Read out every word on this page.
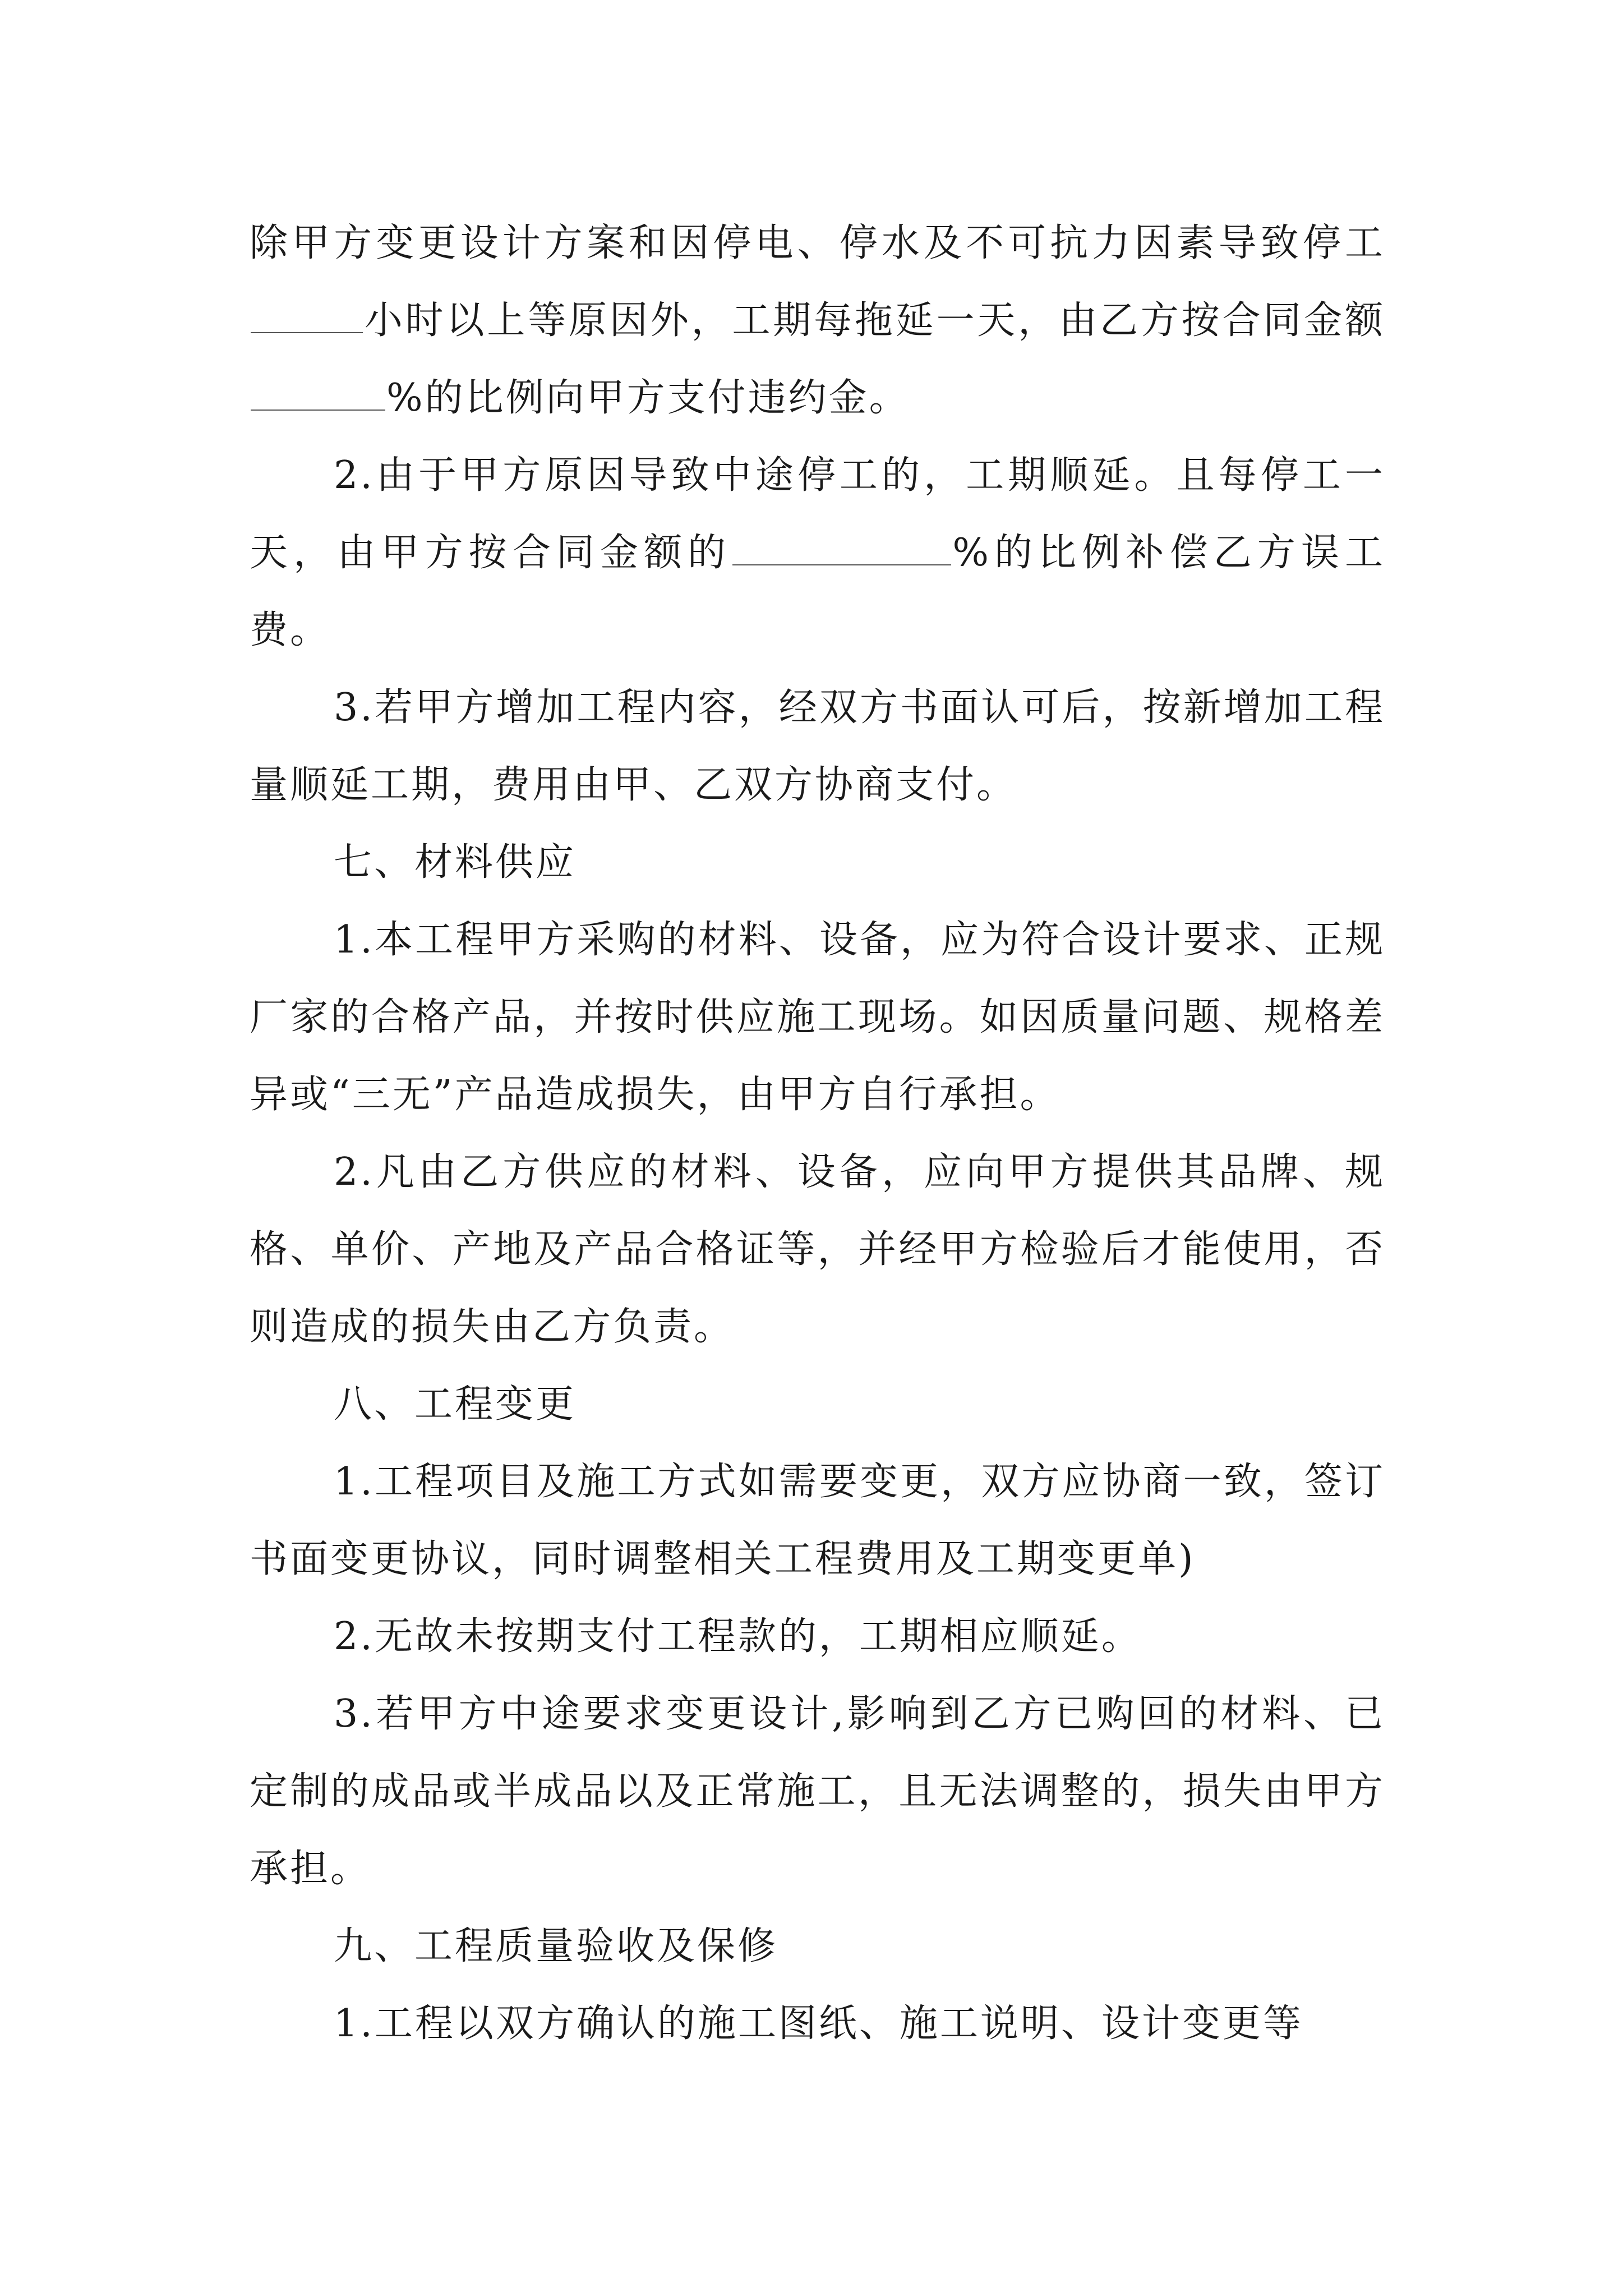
除甲方变更设计方案和因停电、停水及不可抗力因素导致停工小时以上等原因外，工期每拖延一天，由乙方按合同金额%的比例向甲方支付违约金。

2.由于甲方原因导致中途停工的，工期顺延。且每停工一天，由甲方按合同金额的	%的比例补偿乙方误工费。

3.若甲方增加工程内容，经双方书面认可后，按新增加工程量顺延工期，费用由甲、乙双方协商支付。

七、材料供应

1.本工程甲方采购的材料、设备，应为符合设计要求、正规厂家的合格产品，并按时供应施工现场。如因质量问题、规格差异或“三无”产品造成损失，由甲方自行承担。

2.凡由乙方供应的材料、设备，应向甲方提供其品牌、规格、单价、产地及产品合格证等，并经甲方检验后才能使用，否则造成的损失由乙方负责。

八、工程变更

1.工程项目及施工方式如需要变更，双方应协商一致，签订书面变更协议，同时调整相关工程费用及工期变更单)

2.无故未按期支付工程款的，工期相应顺延。

3.若甲方中途要求变更设计,影响到乙方已购回的材料、已定制的成品或半成品以及正常施工，且无法调整的，损失由甲方承担。

九、工程质量验收及保修

1.工程以双方确认的施工图纸、施工说明、设计变更等
